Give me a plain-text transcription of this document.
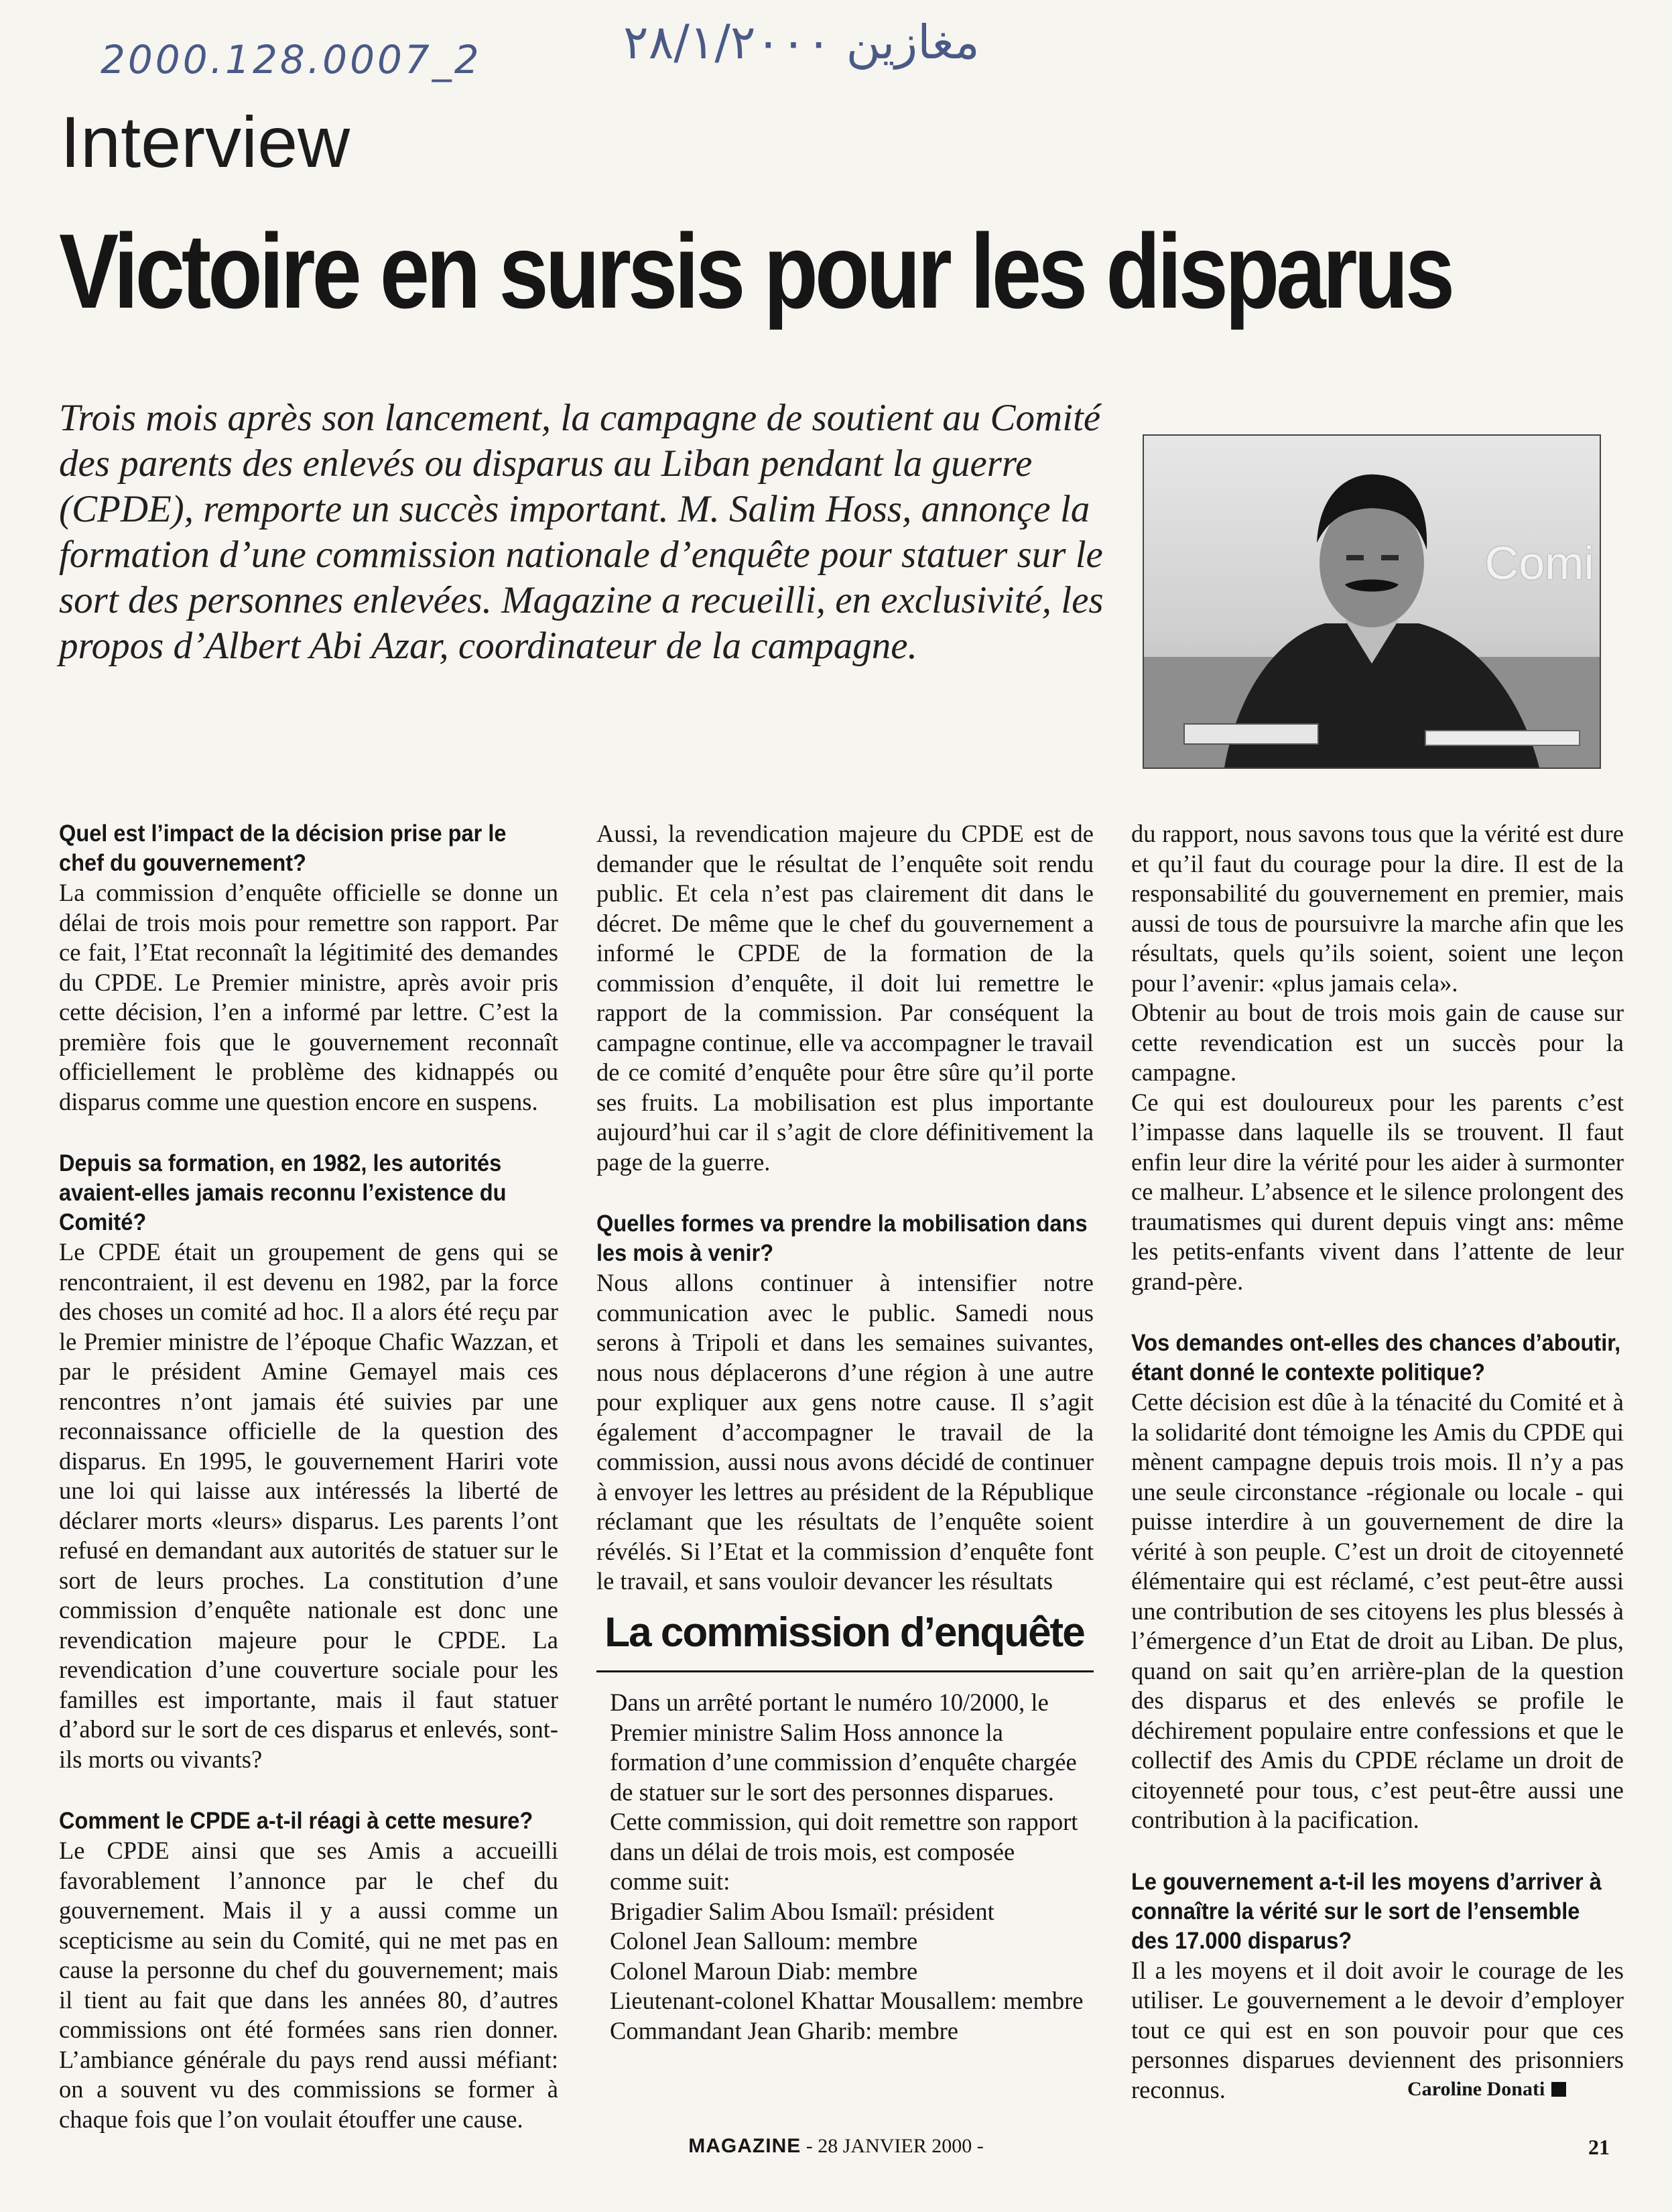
2000.128.0007_2	مغازين ٢٨/١/٢٠٠٠
Interview
Victoire en sursis pour les disparus
Trois mois après son lancement, la campagne de soutient au Comité des parents des enlevés ou disparus au Liban pendant la guerre (CPDE), remporte un succès important. M. Salim Hoss, annonçe la formation d’une commission nationale d’enquête pour statuer sur le sort des personnes enlevées. Magazine a recueilli, en exclusivité, les propos d’Albert Abi Azar, coordinateur de la campagne.
Comi

Quel est l’impact de la décision prise par le chef du gouvernement?

La commission d’enquête officielle se donne un délai de trois mois pour remettre son rapport. Par ce fait, l’Etat reconnaît la légitimité des demandes du CPDE. Le Premier ministre, après avoir pris cette décision, l’en a informé par lettre. C’est la première fois que le gouvernement reconnaît officiellement le problème des kidnappés ou disparus comme une question encore en suspens.

Depuis sa formation, en 1982, les autorités avaient-elles jamais reconnu l’existence du Comité?

Le CPDE était un groupement de gens qui se rencontraient, il est devenu en 1982, par la force des choses un comité ad hoc. Il a alors été reçu par le Premier ministre de l’époque Chafic Wazzan, et par le président Amine Gemayel mais ces rencontres n’ont jamais été suivies par une reconnaissance officielle de la question des disparus. En 1995, le gouvernement Hariri vote une loi qui laisse aux intéressés la liberté de déclarer morts «leurs» disparus. Les parents l’ont refusé en demandant aux autorités de statuer sur le sort de leurs proches. La constitution d’une commission d’enquête nationale est donc une revendication majeure pour le CPDE. La revendication d’une couverture sociale pour les familles est importante, mais il faut statuer d’abord sur le sort de ces disparus et enlevés, sont-ils morts ou vivants?

Comment le CPDE a-t-il réagi à cette mesure?

Le CPDE ainsi que ses Amis a accueilli favorablement l’annonce par le chef du gouvernement. Mais il y a aussi comme un scepticisme au sein du Comité, qui ne met pas en cause la personne du chef du gouvernement; mais il tient au fait que dans les années 80, d’autres commissions ont été formées sans rien donner. L’ambiance générale du pays rend aussi méfiant: on a souvent vu des commissions se former à chaque fois que l’on voulait étouffer une cause.

Aussi, la revendication majeure du CPDE est de demander que le résultat de l’enquête soit rendu public. Et cela n’est pas clairement dit dans le décret. De même que le chef du gouvernement a informé le CPDE de la formation de la commission d’enquête, il doit lui remettre le rapport de la commission. Par conséquent la campagne continue, elle va accompagner le travail de ce comité d’enquête pour être sûre qu’il porte ses fruits. La mobilisation est plus importante aujourd’hui car il s’agit de clore définitivement la page de la guerre.

Quelles formes va prendre la mobilisation dans les mois à venir?

Nous allons continuer à intensifier notre communication avec le public. Samedi nous serons à Tripoli et dans les semaines suivantes, nous nous déplacerons d’une région à une autre pour expliquer aux gens notre cause. Il s’agit également d’accompagner le travail de la commission, aussi nous avons décidé de continuer à envoyer les lettres au président de la République réclamant que les résultats de l’enquête soient révélés. Si l’Etat et la commission d’enquête font le travail, et sans vouloir devancer les résultats

La commission d’enquête

Dans un arrêté portant le numéro 10/2000, le Premier ministre Salim Hoss annonce la formation d’une commission d’enquête chargée de statuer sur le sort des personnes disparues.

Cette commission, qui doit remettre son rapport dans un délai de trois mois, est composée comme suit:

Brigadier Salim Abou Ismaïl: président
Colonel Jean Salloum: membre
Colonel Maroun Diab: membre
Lieutenant-colonel Khattar Mousallem: membre
Commandant Jean Gharib: membre

du rapport, nous savons tous que la vérité est dure et qu’il faut du courage pour la dire. Il est de la responsabilité du gouvernement en premier, mais aussi de tous de poursuivre la marche afin que les résultats, quels qu’ils soient, soient une leçon pour l’avenir: «plus jamais cela».

Obtenir au bout de trois mois gain de cause sur cette revendication est un succès pour la campagne.

Ce qui est douloureux pour les parents c’est l’impasse dans laquelle ils se trouvent. Il faut enfin leur dire la vérité pour les aider à surmonter ce malheur. L’absence et le silence prolongent des traumatismes qui durent depuis vingt ans: même les petits-enfants vivent dans l’attente de leur grand-père.

Vos demandes ont-elles des chances d’aboutir, étant donné le contexte politique?

Cette décision est dûe à la ténacité du Comité et à la solidarité dont témoigne les Amis du CPDE qui mènent campagne depuis trois mois. Il n’y a pas une seule circonstance -régionale ou locale - qui puisse interdire à un gouvernement de dire la vérité à son peuple. C’est un droit de citoyenneté élémentaire qui est réclamé, c’est peut-être aussi une contribution de ses citoyens les plus blessés à l’émergence d’un Etat de droit au Liban. De plus, quand on sait qu’en arrière-plan de la question des disparus et des enlevés se profile le déchirement populaire entre confessions et que le collectif des Amis du CPDE réclame un droit de citoyenneté pour tous, c’est peut-être aussi une contribution à la pacification.

Le gouvernement a-t-il les moyens d’arriver à connaître la vérité sur le sort de l’ensemble des 17.000 disparus?

Il a les moyens et il doit avoir le courage de les utiliser. Le gouvernement a le devoir d’employer tout ce qui est en son pouvoir pour que ces personnes disparues deviennent des prisonniers reconnus.	Caroline Donati
MAGAZINE - 28 JANVIER 2000 -	21
